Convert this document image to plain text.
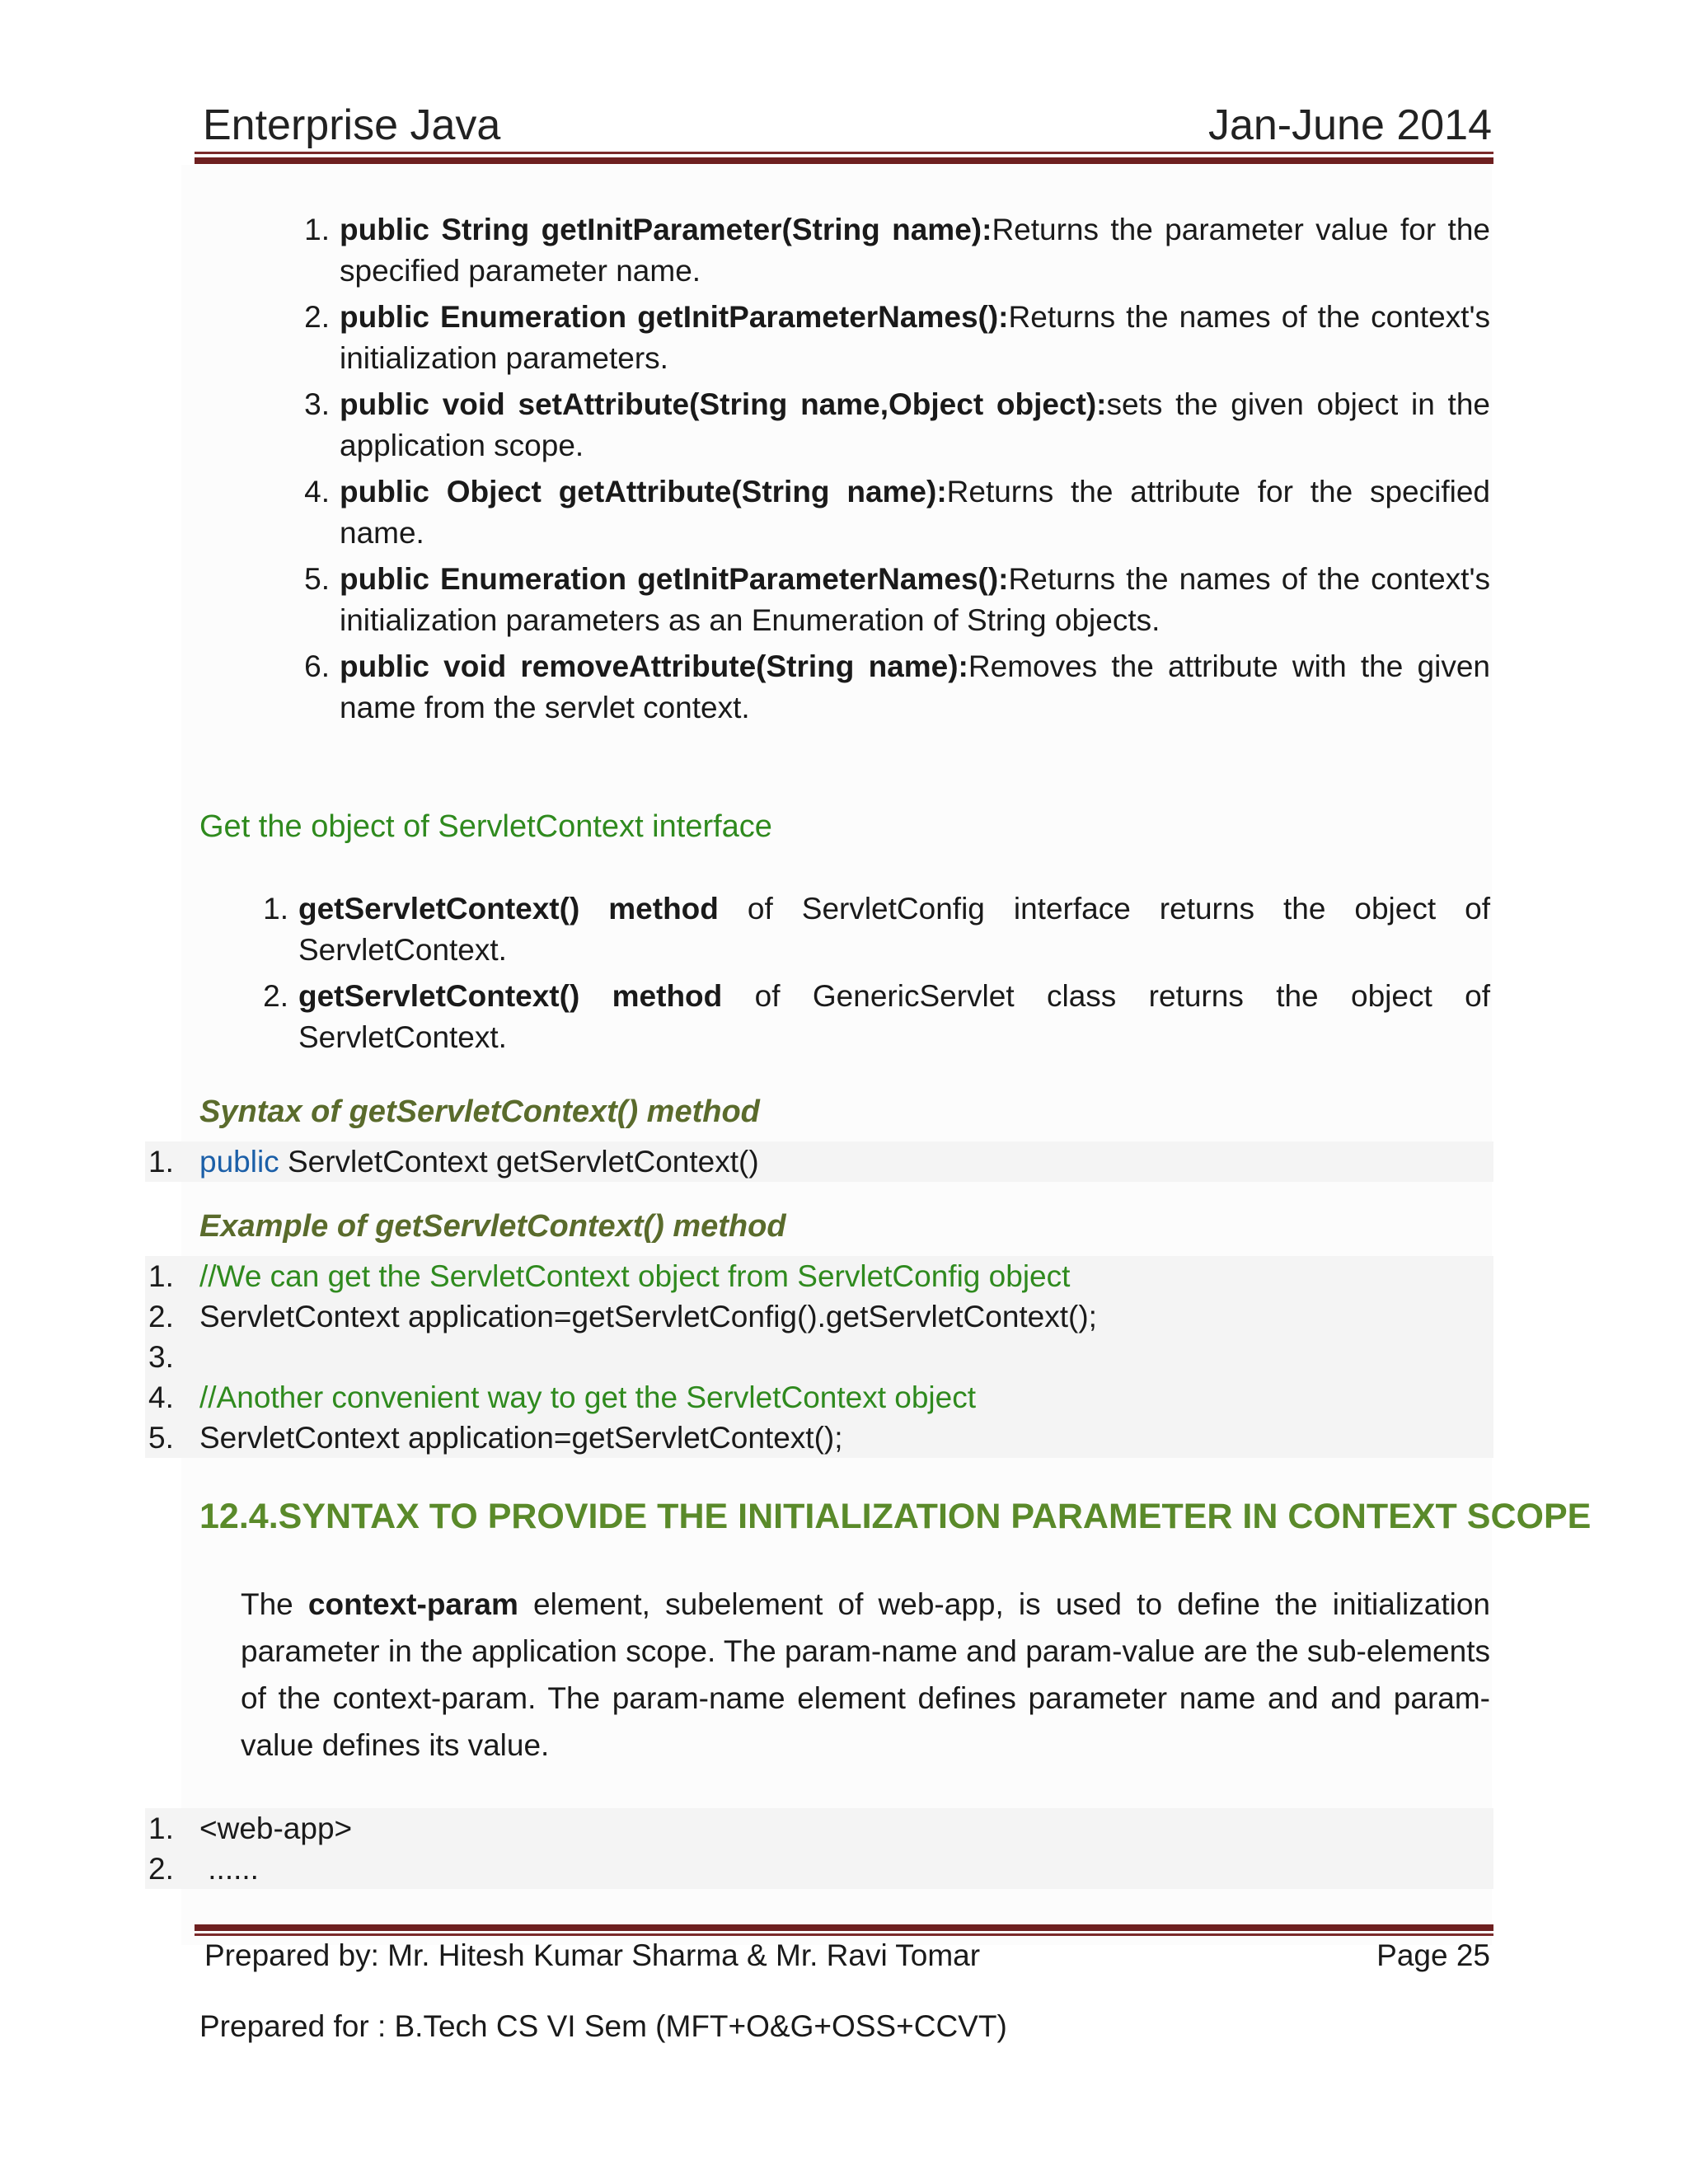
Enterprise Java	Jan-June 2014
1. public String getInitParameter(String name):Returns the parameter value for the specified parameter name.
2. public Enumeration getInitParameterNames():Returns the names of the context's initialization parameters.
3. public void setAttribute(String name,Object object):sets the given object in the application scope.
4. public Object getAttribute(String name):Returns the attribute for the specified name.
5. public Enumeration getInitParameterNames():Returns the names of the context's initialization parameters as an Enumeration of String objects.
6. public void removeAttribute(String name):Removes the attribute with the given name from the servlet context.
Get the object of ServletContext interface
1. getServletContext() method of ServletConfig interface returns the object of ServletContext.
2. getServletContext() method of GenericServlet class returns the object of ServletContext.
Syntax of getServletContext() method
1. public ServletContext getServletContext()
Example of getServletContext() method
1. //We can get the ServletContext object from ServletConfig object
2. ServletContext application=getServletConfig().getServletContext();
3.
4. //Another convenient way to get the ServletContext object
5. ServletContext application=getServletContext();
12.4.SYNTAX TO PROVIDE THE INITIALIZATION PARAMETER IN CONTEXT SCOPE
The context-param element, subelement of web-app, is used to define the initialization parameter in the application scope. The param-name and param-value are the sub-elements of the context-param. The param-name element defines parameter name and and param-value defines its value.
1. <web-app>
2. ......
Prepared by: Mr. Hitesh Kumar Sharma & Mr. Ravi Tomar	Page 25
Prepared for : B.Tech CS VI Sem (MFT+O&G+OSS+CCVT)
